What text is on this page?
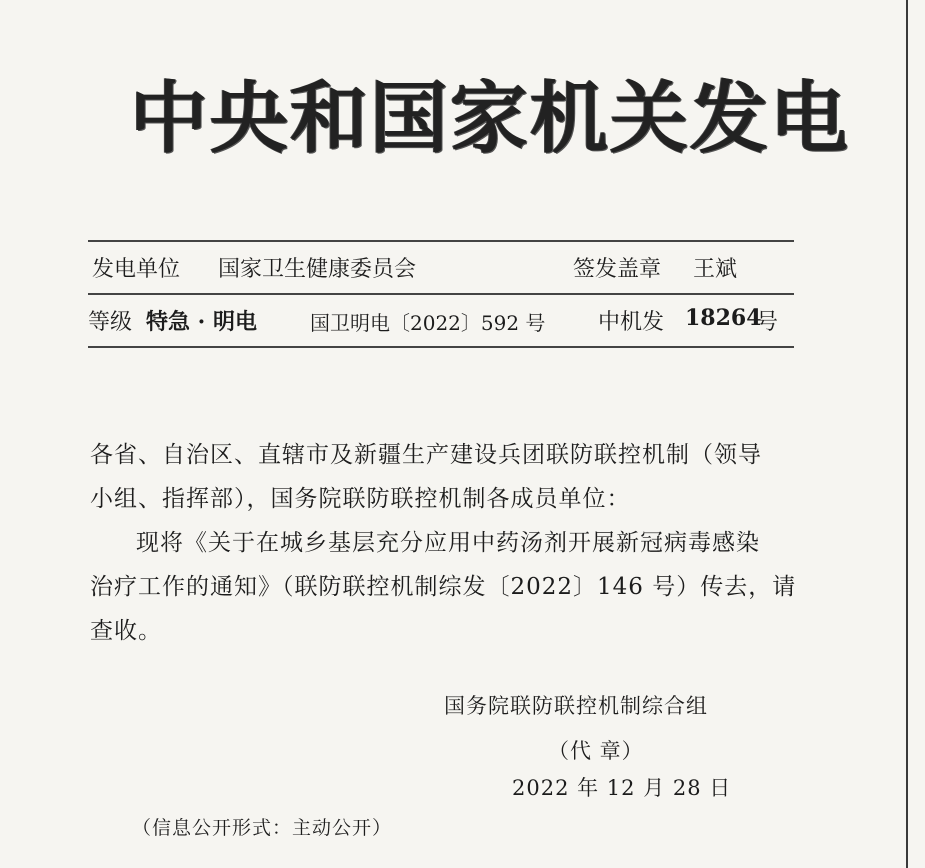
中央和国家机关发电
发电单位 国家卫生健康委员会	签发盖章 王斌
等级 特急 · 明电	国卫明电〔2022〕592 号 中机发 18264
号

各省、自治区、直辖市及新疆生产建设兵团联防联控机制（领导

小组、指挥部），国务院联防联控机制各成员单位：

现将《关于在城乡基层充分应用中药汤剂开展新冠病毒感染

治疗工作的通知》（联防联控机制综发〔2022〕146 号）传去，请

查收。

国务院联防联控机制综合组
（代 章）
2022 年 12 月 28 日
（信息公开形式：主动公开）
